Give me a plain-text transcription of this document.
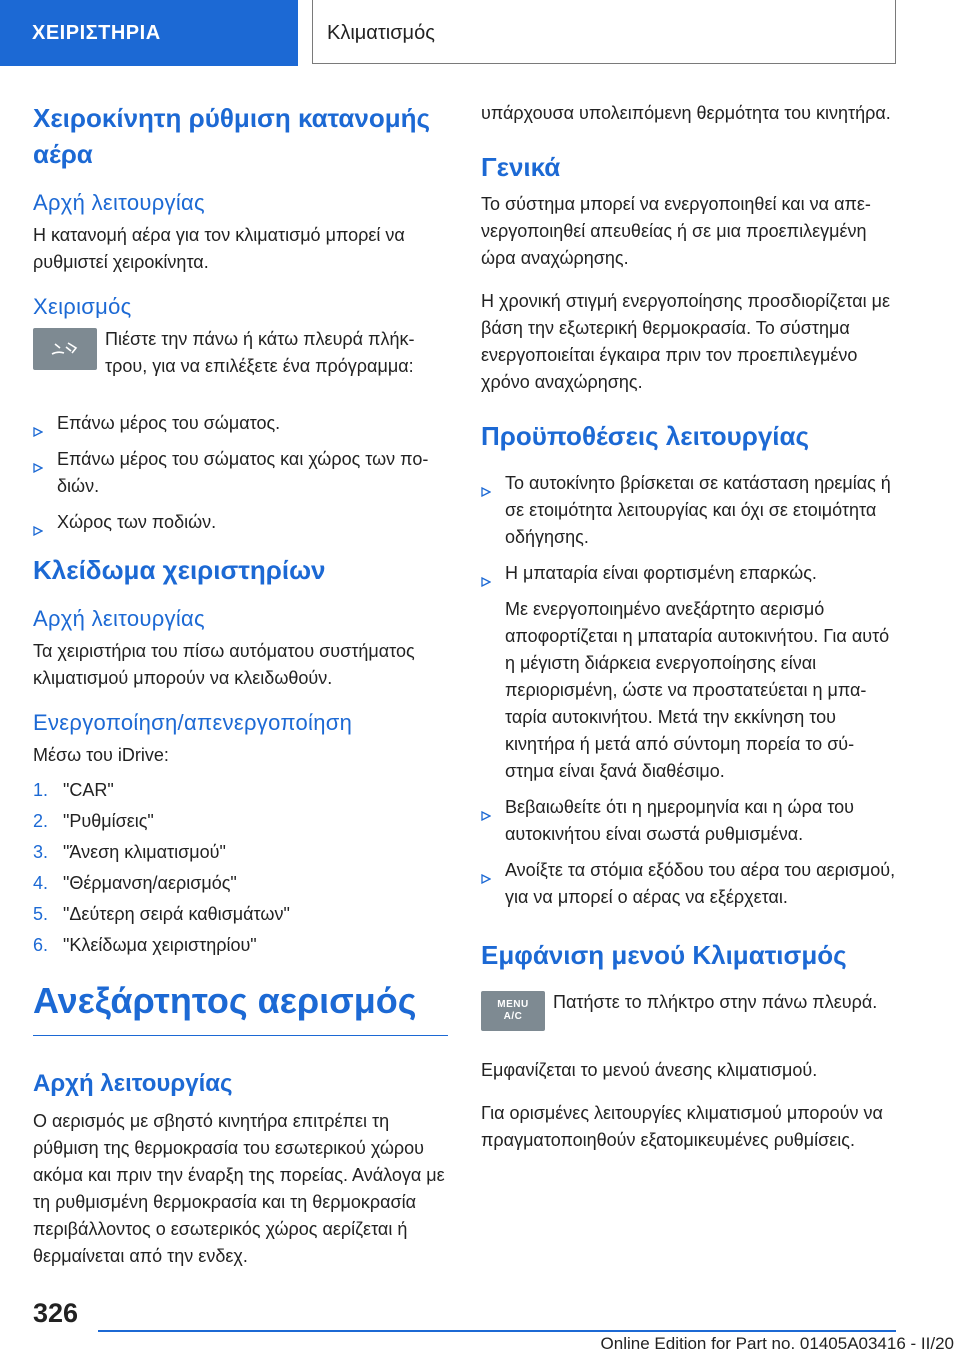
ΧΕΙΡΙΣΤΗΡΙΑ	Κλιματισμός
Χειροκίνητη ρύθμιση κατανομής αέρα
Αρχή λειτουργίας

Η κατανομή αέρα για τον κλιματισμό μπορεί να ρυθμιστεί χειροκίνητα.

Χειρισμός
Πιέστε την πάνω ή κάτω πλευρά πλήκτρου, για να επιλέξετε ένα πρόγραμμα:
Επάνω μέρος του σώματος.
Επάνω μέρος του σώματος και χώρος των ποδιών.
Χώρος των ποδιών.
Κλείδωμα χειριστηρίων
Αρχή λειτουργίας

Τα χειριστήρια του πίσω αυτόματου συστήματος κλιματισμού μπορούν να κλειδωθούν.

Ενεργοποίηση/απενεργοποίηση

Μέσω του iDrive:

1. "CAR"
2. "Ρυθμίσεις"
3. "Άνεση κλιματισμού"
4. "Θέρμανση/αερισμός"
5. "Δεύτερη σειρά καθισμάτων"
6. "Κλείδωμα χειριστηρίου"
Ανεξάρτητος αερισμός
Αρχή λειτουργίας

Ο αερισμός με σβηστό κινητήρα επιτρέπει τη ρύθμιση της θερμοκρασία του εσωτερικού χώρου ακόμα και πριν την έναρξη της πορείας. Ανάλογα με τη ρυθμισμένη θερμοκρασία και τη θερμοκρασία περιβάλλοντος ο εσωτερικός χώρος αερίζεται ή θερμαίνεται από την ενδεχ.

υπάρχουσα υπολειπόμενη θερμότητα του κινητήρα.

Γενικά

Το σύστημα μπορεί να ενεργοποιηθεί και να απενεργοποιηθεί απευθείας ή σε μια προεπιλεγμένη ώρα αναχώρησης.

Η χρονική στιγμή ενεργοποίησης προσδιορίζεται με βάση την εξωτερική θερμοκρασία. Το σύστημα ενεργοποιείται έγκαιρα πριν τον προεπιλεγμένο χρόνο αναχώρησης.

Προϋποθέσεις λειτουργίας
Το αυτοκίνητο βρίσκεται σε κατάσταση ηρεμίας ή σε ετοιμότητα λειτουργίας και όχι σε ετοιμότητα οδήγησης.
Η μπαταρία είναι φορτισμένη επαρκώς.
Με ενεργοποιημένο ανεξάρτητο αερισμό αποφορτίζεται η μπαταρία αυτοκινήτου. Για αυτό η μέγιστη διάρκεια ενεργοποίησης είναι περιορισμένη, ώστε να προστατεύεται η μπαταρία αυτοκινήτου. Μετά την εκκίνηση του κινητήρα ή μετά από σύντομη πορεία το σύστημα είναι ξανά διαθέσιμο.
Βεβαιωθείτε ότι η ημερομηνία και η ώρα του αυτοκινήτου είναι σωστά ρυθμισμένα.
Ανοίξτε τα στόμια εξόδου του αέρα του αερισμού, για να μπορεί ο αέρας να εξέρχεται.
Εμφάνιση μενού Κλιματισμός
MENU
A/C
Πατήστε το πλήκτρο στην πάνω πλευρά.

Εμφανίζεται το μενού άνεσης κλιματισμού.

Για ορισμένες λειτουργίες κλιματισμού μπορούν να πραγματοποιηθούν εξατομικευμένες ρυθμίσεις.

326
Online Edition for Part no. 01405A03416 - II/20
